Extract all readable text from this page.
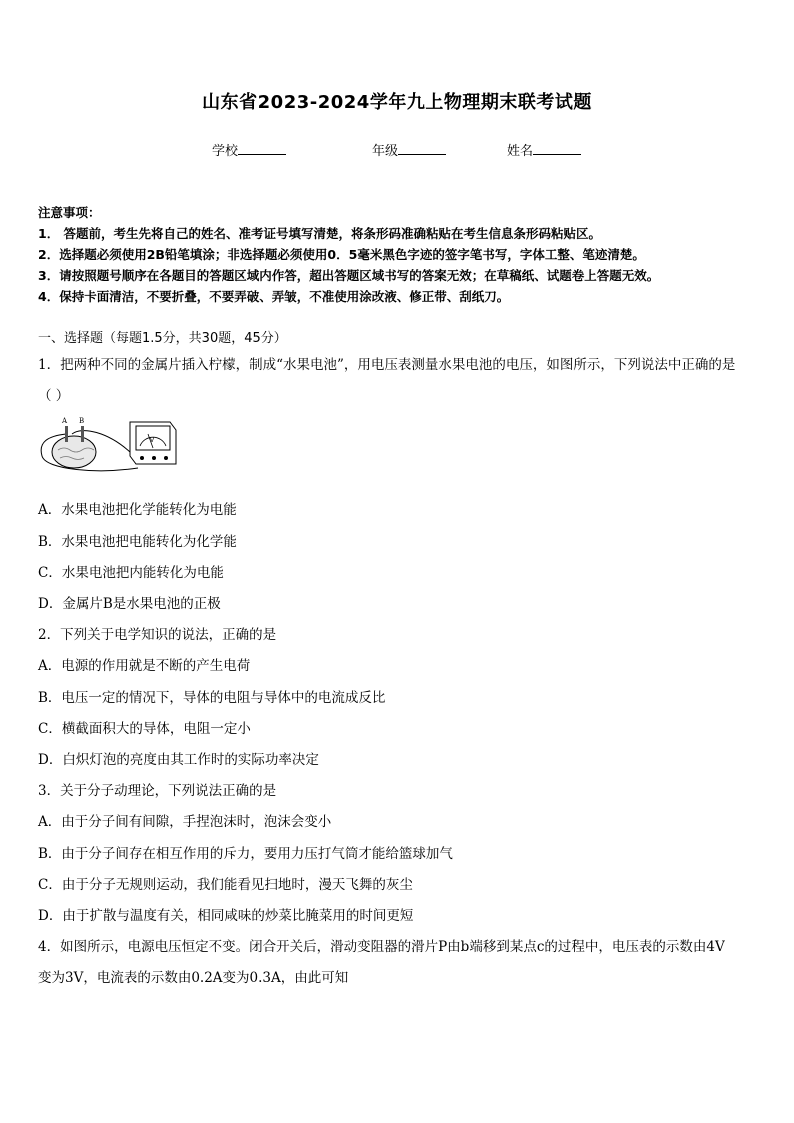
山东省2023-2024学年九上物理期末联考试题
学校	年级	姓名
注意事项：
1． 答题前，考生先将自己的姓名、准考证号填写清楚，将条形码准确粘贴在考生信息条形码粘贴区。
2．选择题必须使用2B铅笔填涂；非选择题必须使用0．5毫米黑色字迹的签字笔书写，字体工整、笔迹清楚。
3．请按照题号顺序在各题目的答题区域内作答，超出答题区域书写的答案无效；在草稿纸、试题卷上答题无效。
4．保持卡面清洁，不要折叠，不要弄破、弄皱，不准使用涂改液、修正带、刮纸刀。
一、选择题（每题1.5分，共30题，45分）
1．把两种不同的金属片插入柠檬，制成“水果电池”，用电压表测量水果电池的电压，如图所示，下列说法中正确的是
（ ）
A B
V
A．水果电池把化学能转化为电能
B．水果电池把电能转化为化学能
C．水果电池把内能转化为电能
D．金属片B是水果电池的正极
2．下列关于电学知识的说法，正确的是
A．电源的作用就是不断的产生电荷
B．电压一定的情况下，导体的电阻与导体中的电流成反比
C．横截面积大的导体，电阻一定小
D．白炽灯泡的亮度由其工作时的实际功率决定
3．关于分子动理论，下列说法正确的是
A．由于分子间有间隙，手捏泡沫时，泡沫会变小
B．由于分子间存在相互作用的斥力，要用力压打气筒才能给篮球加气
C．由于分子无规则运动，我们能看见扫地时，漫天飞舞的灰尘
D．由于扩散与温度有关，相同咸味的炒菜比腌菜用的时间更短
4．如图所示，电源电压恒定不变。闭合开关后，滑动变阻器的滑片P由b端移到某点c的过程中，电压表的示数由4V
变为3V，电流表的示数由0.2A变为0.3A，由此可知
